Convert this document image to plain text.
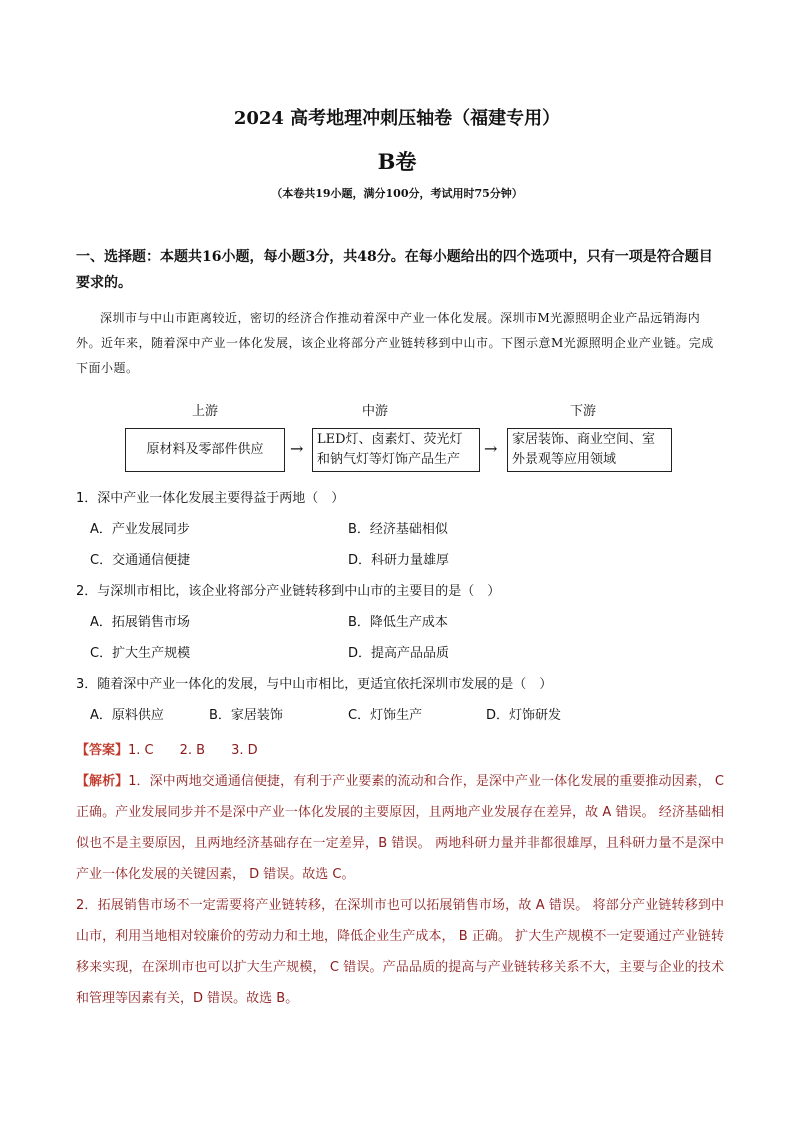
2024 高考地理冲刺压轴卷（福建专用）
B卷
（本卷共19小题，满分100分，考试用时75分钟）
一、选择题：本题共16小题，每小题3分，共48分。在每小题给出的四个选项中，只有一项是符合题目要求的。
深圳市与中山市距离较近，密切的经济合作推动着深中产业一体化发展。深圳市M光源照明企业产品远销海内外。近年来，随着深中产业一体化发展，该企业将部分产业链转移到中山市。下图示意M光源照明企业产业链。完成下面小题。
上游	中游	下游
原材料及零部件供应 → LED灯、卤素灯、荧光灯和钠气灯等灯饰产品生产
→ 家居装饰、商业空间、室外景观等应用领域
1．深中产业一体化发展主要得益于两地（　）
A．产业发展同步	B．经济基础相似
C．交通通信便捷	D．科研力量雄厚
2．与深圳市相比，该企业将部分产业链转移到中山市的主要目的是（　）
A．拓展销售市场	B．降低生产成本
C．扩大生产规模	D．提高产品品质
3．随着深中产业一体化的发展，与中山市相比，更适宜依托深圳市发展的是（　）
A．原料供应	B．家居装饰	C．灯饰生产	D．灯饰研发
【答案】1. C　　2. B　　3. D
【解析】1．深中两地交通通信便捷，有利于产业要素的流动和合作，是深中产业一体化发展的重要推动因素， C 正确。产业发展同步并不是深中产业一体化发展的主要原因，且两地产业发展存在差异，故 A 错误。 经济基础相似也不是主要原因，且两地经济基础存在一定差异，B 错误。 两地科研力量并非都很雄厚，且科研力量不是深中产业一体化发展的关键因素， D 错误。故选 C。
2．拓展销售市场不一定需要将产业链转移，在深圳市也可以拓展销售市场，故 A 错误。 将部分产业链转移到中山市，利用当地相对较廉价的劳动力和土地，降低企业生产成本， B 正确。 扩大生产规模不一定要通过产业链转移来实现，在深圳市也可以扩大生产规模， C 错误。产品品质的提高与产业链转移关系不大，主要与企业的技术和管理等因素有关，D 错误。故选 B。
